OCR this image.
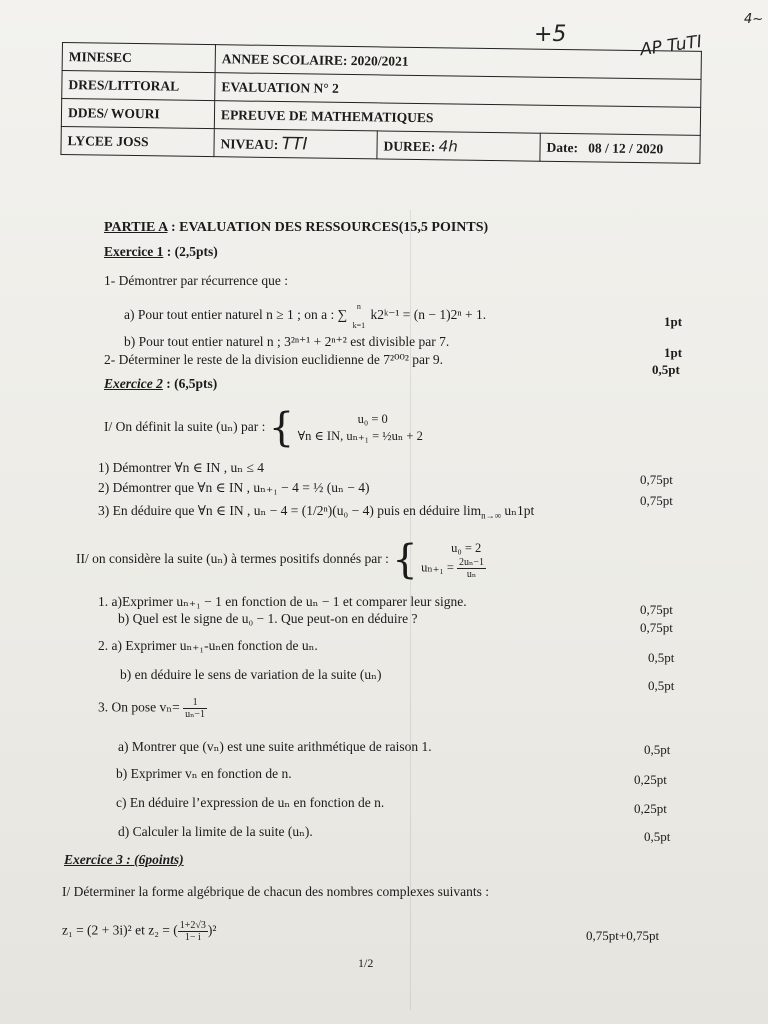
+5	AP TuTI
4~
MINESEC	ANNEE SCOLAIRE: 2020/2021		
DRES/LITTORAL	EVALUATION N° 2		
DDES/ WOURI	EPREUVE DE MATHEMATIQUES		
LYCEE JOSS	NIVEAU: TTI	DUREE: 4h	Date: 08 / 12 / 2020
PARTIE A : EVALUATION DES RESSOURCES(15,5 POINTS)
Exercice 1 : (2,5pts)
1- Démontrer par récurrence que :
a) Pour tout entier naturel n ≥ 1 ; on a : ∑
n
k=1
k2ᵏ⁻¹ = (n − 1)2ⁿ + 1.	1pt
b) Pour tout entier naturel n ; 3²ⁿ⁺¹ + 2ⁿ⁺² est divisible par 7.
1pt
2- Déterminer le reste de la division euclidienne de 7²⁰⁰² par 9.
0,5pt
Exercice 2 : (6,5pts)
I/ On définit la suite (uₙ) par : {	u₀ = 0
∀n ∈ IN, uₙ₊₁ = ½uₙ + 2
1) Démontrer ∀n ∈ IN , uₙ ≤ 4
0,75pt
2) Démontrer que ∀n ∈ IN , uₙ₊₁ − 4 = ½ (uₙ − 4)
0,75pt
3) En déduire que ∀n ∈ IN , uₙ − 4 = (1/2ⁿ)(u₀ − 4) puis en déduire $\lim_{n\to\infty} u_n1pt$
II/ on considère la suite (uₙ) à termes positifs donnés par : {	u₀ = 2
$u_{n+1} = \frac{\text{2uₙ−1}}{\text{uₙ}}$
1. a)Exprimer uₙ₊₁ − 1 en fonction de uₙ − 1 et comparer leur signe.
0,75pt
b) Quel est le signe de u₀ − 1. Que peut-on en déduire ?
0,75pt
2. a) Exprimer uₙ₊₁-uₙen fonction de uₙ.
0,5pt
b) en déduire le sens de variation de la suite (uₙ)
0,5pt
3. On pose $v_n= \frac{1}{\text{uₙ−1}}$
a) Montrer que (vₙ) est une suite arithmétique de raison 1.	0,5pt
b) Exprimer vₙ en fonction de n.	0,25pt
c) En déduire l’expression de uₙ en fonction de n.	0,25pt
d) Calculer la limite de la suite (uₙ).	0,5pt
Exercice 3 : (6points)
I/ Déterminer la forme algébrique de chacun des nombres complexes suivants :
z₁ = (2 + 3i)² et z₂ = ( $\frac{1+2√3}{1- i} )^2$	0,75pt+0,75pt
1/2
